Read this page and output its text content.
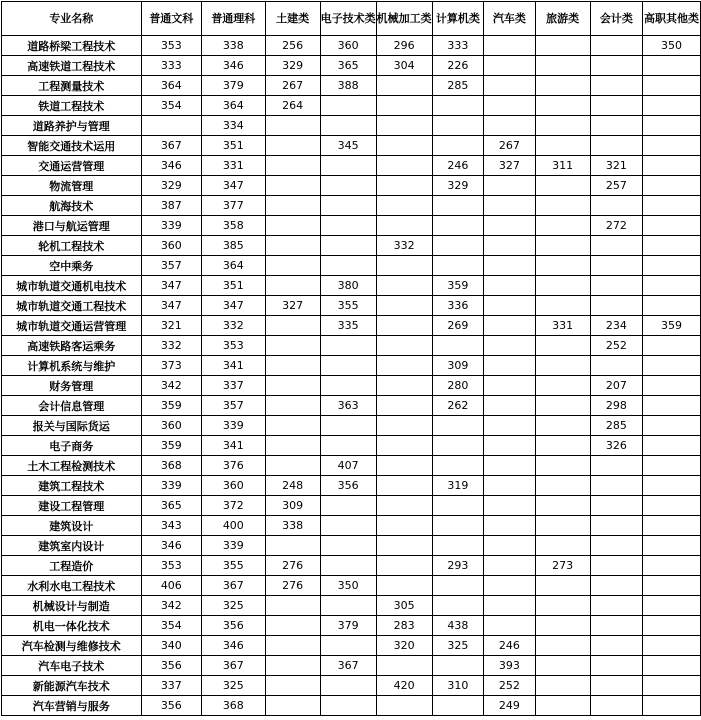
专业名称	普通文科	普通理科	土建类	电子技术类	机械加工类	计算机类	汽车类	旅游类	会计类	高职其他类
道路桥梁工程技术	353	338	256	360	296	333				350
高速铁道工程技术	333	346	329	365	304	226				
工程测量技术	364	379	267	388		285				
铁道工程技术	354	364	264							
道路养护与管理		334								
智能交通技术运用	367	351		345			267			
交通运营管理	346	331				246	327	311	321	
物流管理	329	347				329			257	
航海技术	387	377								
港口与航运管理	339	358							272	
轮机工程技术	360	385			332					
空中乘务	357	364								
城市轨道交通机电技术	347	351		380		359				
城市轨道交通工程技术	347	347	327	355		336				
城市轨道交通运营管理	321	332		335		269		331	234	359
高速铁路客运乘务	332	353							252	
计算机系统与维护	373	341				309				
财务管理	342	337				280			207	
会计信息管理	359	357		363		262			298	
报关与国际货运	360	339							285	
电子商务	359	341							326	
土木工程检测技术	368	376		407						
建筑工程技术	339	360	248	356		319				
建设工程管理	365	372	309							
建筑设计	343	400	338							
建筑室内设计	346	339								
工程造价	353	355	276			293		273		
水利水电工程技术	406	367	276	350						
机械设计与制造	342	325			305					
机电一体化技术	354	356		379	283	438				
汽车检测与维修技术	340	346			320	325	246			
汽车电子技术	356	367		367			393			
新能源汽车技术	337	325			420	310	252			
汽车营销与服务	356	368					249			
